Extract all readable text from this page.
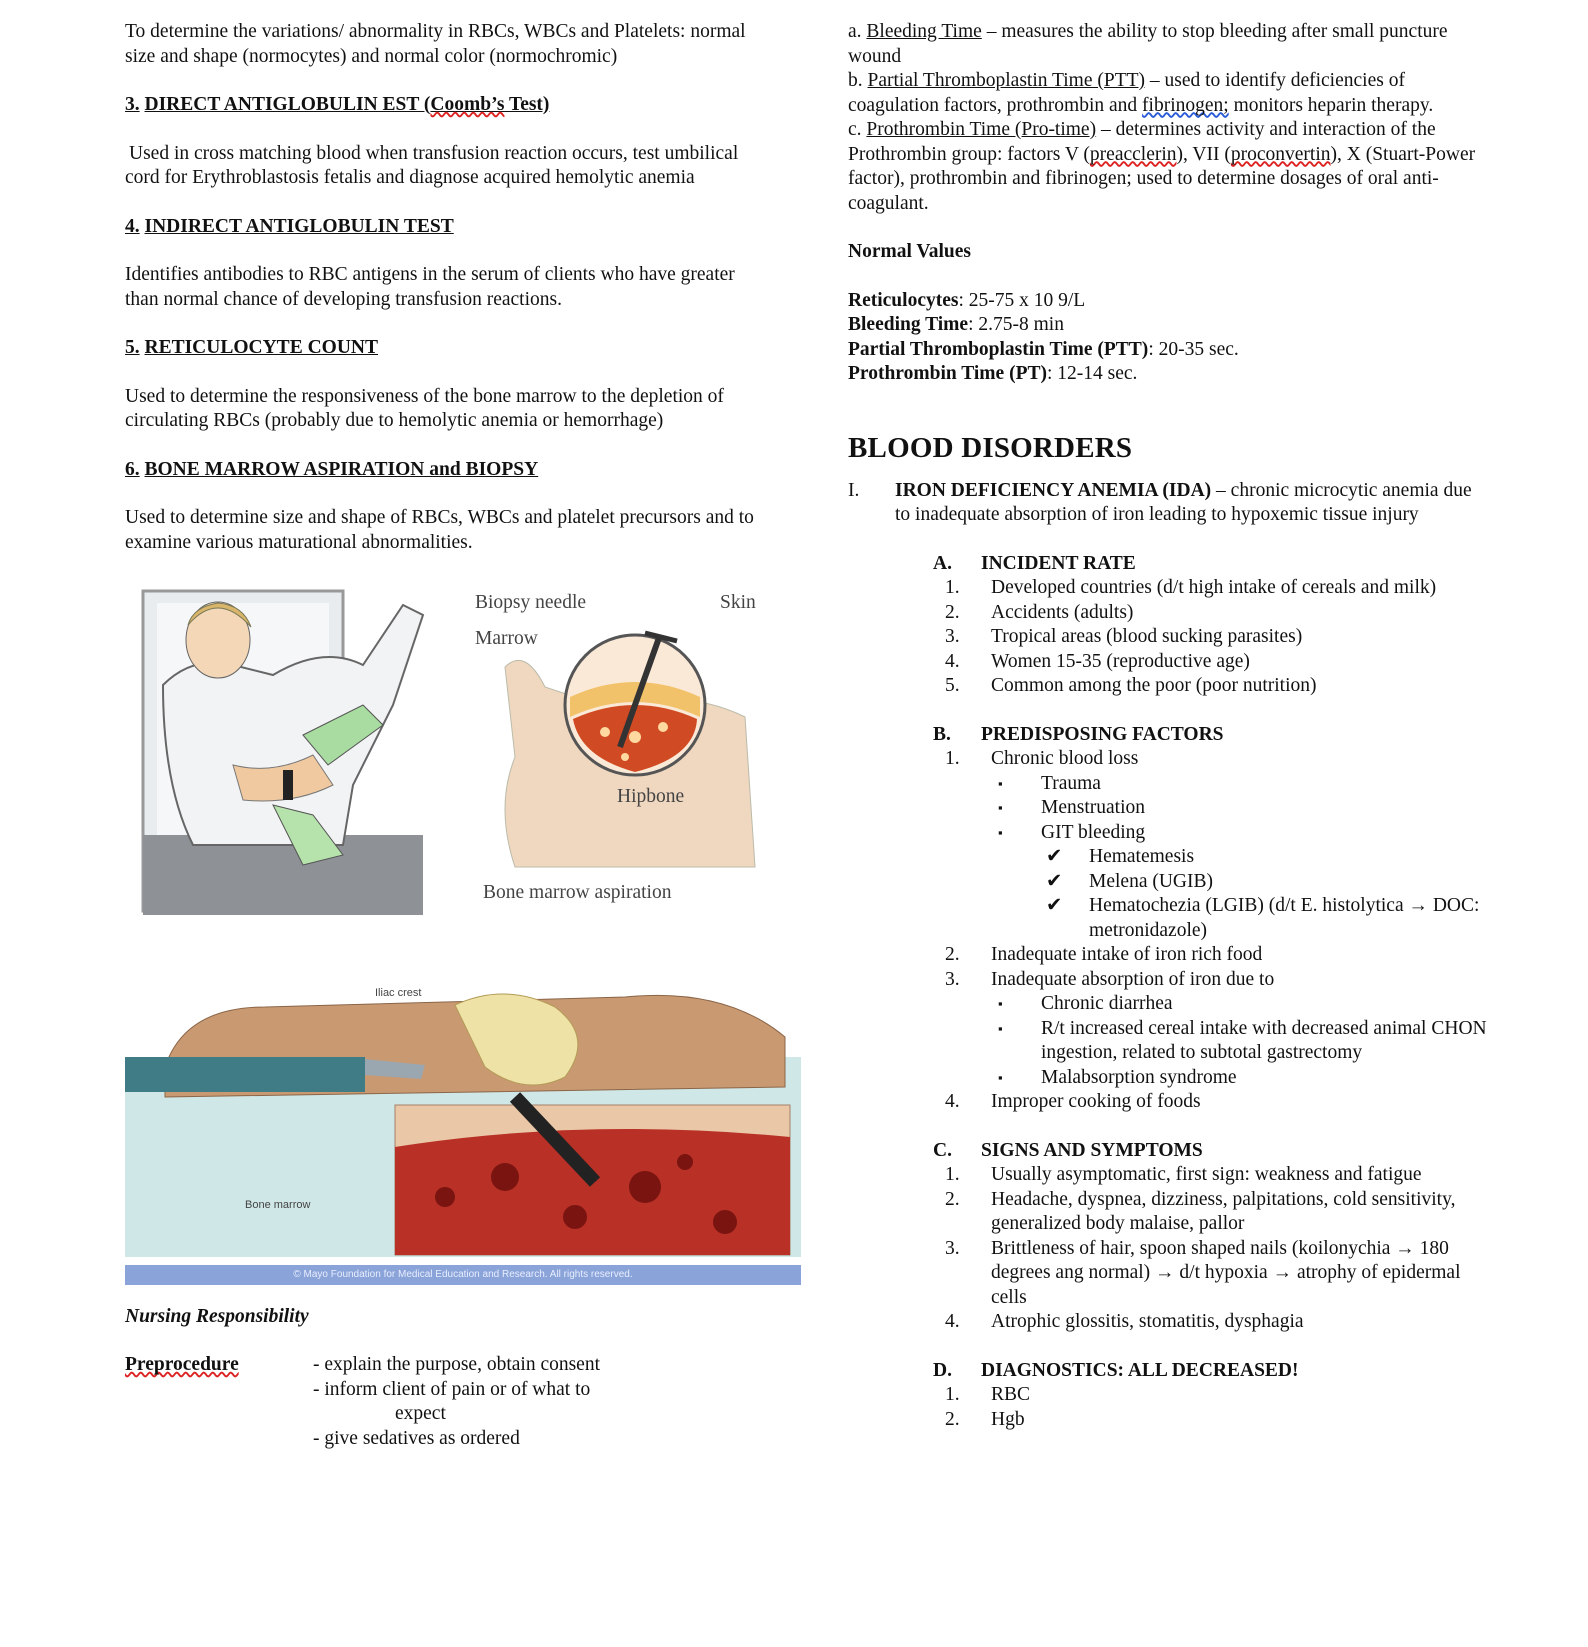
To determine the variations/ abnormality in RBCs, WBCs and Platelets: normal size and shape (normocytes) and normal color (normochromic)

3. DIRECT ANTIGLOBULIN EST (Coomb’s Test)

Used in cross matching blood when transfusion reaction occurs, test umbilical cord for Erythroblastosis fetalis and diagnose acquired hemolytic anemia

4. INDIRECT ANTIGLOBULIN TEST

Identifies antibodies to RBC antigens in the serum of clients who have greater than normal chance of developing transfusion reactions.

5. RETICULOCYTE COUNT

Used to determine the responsiveness of the bone marrow to the depletion of circulating RBCs (probably due to hemolytic anemia or hemorrhage)

6. BONE MARROW ASPIRATION and BIOPSY

Used to determine size and shape of RBCs, WBCs and platelet precursors and to examine various maturational abnormalities.

Biopsy needle	Skin
Marrow
Hipbone
Bone marrow aspiration
Iliac crest
Bone marrow
© Mayo Foundation for Medical Education and Research. All rights reserved.

Nursing Responsibility

Preprocedure	- explain the purpose, obtain consent

- inform client of pain or of what to

expect

- give sedatives as ordered

a. Bleeding Time – measures the ability to stop bleeding after small puncture wound

b. Partial Thromboplastin Time (PTT) – used to identify deficiencies of coagulation factors, prothrombin and fibrinogen; monitors heparin therapy.

c. Prothrombin Time (Pro-time) – determines activity and interaction of the Prothrombin group: factors V (preacclerin), VII (proconvertin), X (Stuart-Power factor), prothrombin and fibrinogen; used to determine dosages of oral anti-coagulant.

Normal Values

Reticulocytes: 25-75 x 10 9/L

Bleeding Time: 2.75-8 min

Partial Thromboplastin Time (PTT): 20-35 sec.

Prothrombin Time (PT): 12-14 sec.

BLOOD DISORDERS

I. IRON DEFICIENCY ANEMIA (IDA) – chronic microcytic anemia due to inadequate absorption of iron leading to hypoxemic tissue injury
A. INCIDENT RATE
1. Developed countries (d/t high intake of cereals and milk)
2. Accidents (adults)
3. Tropical areas (blood sucking parasites)
4. Women 15-35 (reproductive age)
5. Common among the poor (poor nutrition)
B. PREDISPOSING FACTORS
1. Chronic blood loss
▪ Trauma
▪ Menstruation
▪ GIT bleeding
✔ Hematemesis
✔ Melena (UGIB)
✔ Hematochezia (LGIB) (d/t E. histolytica → DOC: metronidazole)
2. Inadequate intake of iron rich food
3. Inadequate absorption of iron due to
▪ Chronic diarrhea
▪ R/t increased cereal intake with decreased animal CHON ingestion, related to subtotal gastrectomy
▪ Malabsorption syndrome
4. Improper cooking of foods
C. SIGNS AND SYMPTOMS
1. Usually asymptomatic, first sign: weakness and fatigue
2. Headache, dyspnea, dizziness, palpitations, cold sensitivity, generalized body malaise, pallor
3. Brittleness of hair, spoon shaped nails (koilonychia → 180 degrees ang normal) → d/t hypoxia → atrophy of epidermal cells
4. Atrophic glossitis, stomatitis, dysphagia
D. DIAGNOSTICS: ALL DECREASED!
1. RBC
2. Hgb
